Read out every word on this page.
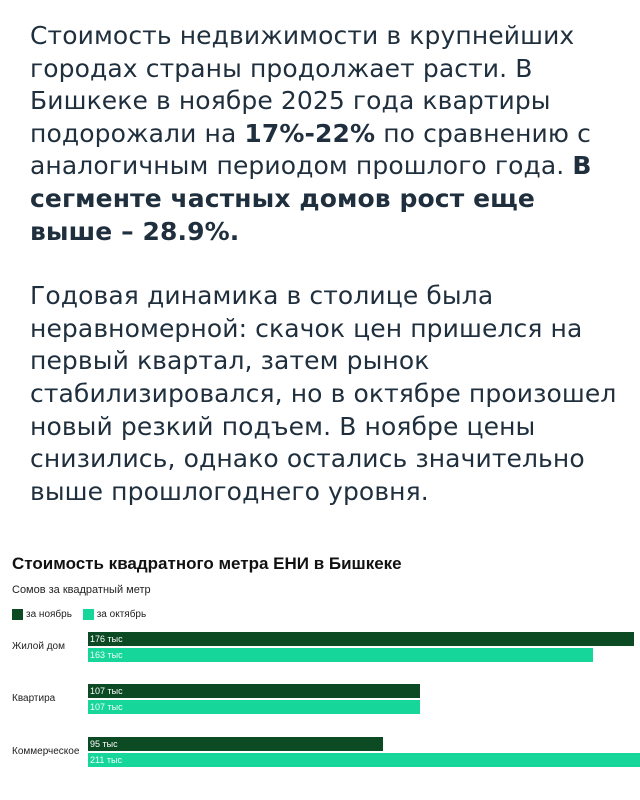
Стоимость недвижимости в крупнейших городах страны продолжает расти. В Бишкеке в ноябре 2025 года квартиры подорожали на 17%-22% по сравнению с аналогичным периодом прошлого года. В сегменте частных домов рост еще выше – 28.9%.

Годовая динамика в столице была неравномерной: скачок цен пришелся на первый квартал, затем рынок стабилизировался, но в октябре произошел новый резкий подъем. В ноябре цены снизились, однако остались значительно выше прошлогоднего уровня.

Стоимость квадратного метра ЕНИ в Бишкеке
Сомов за квадратный метр
за ноябрь за октябрь
Жилой дом
176 тыс
163 тыс
Квартира
107 тыс
107 тыс
Коммерческое
95 тыс
211 тыс
